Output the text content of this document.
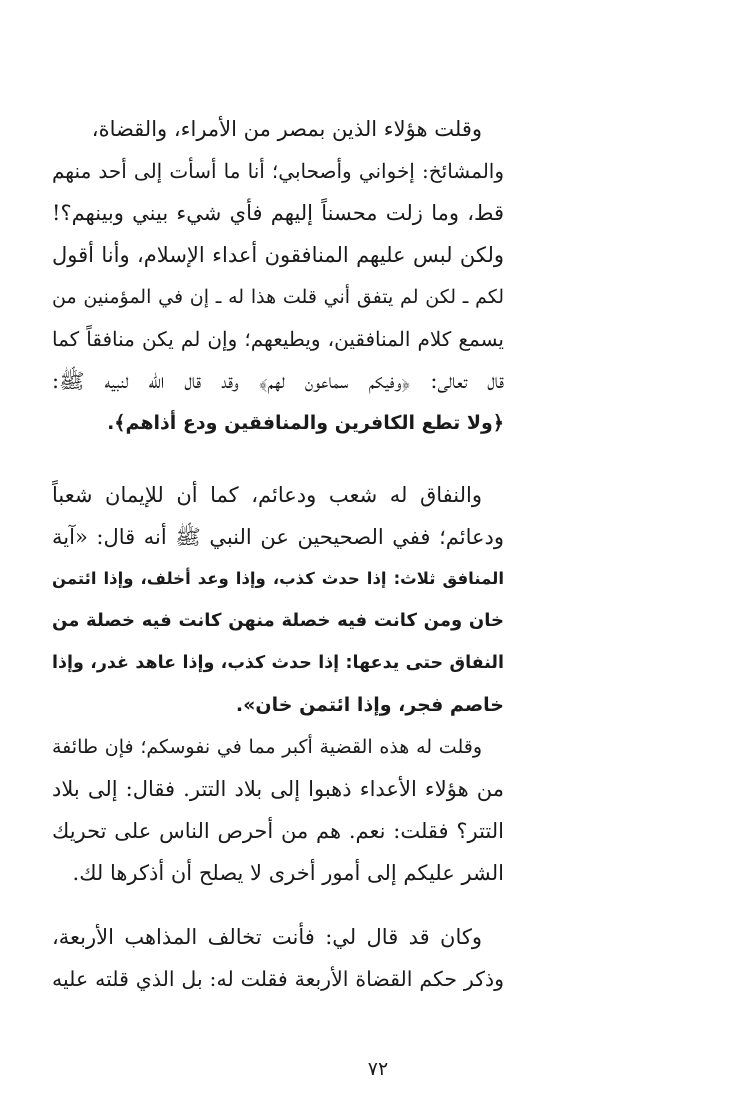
وقلت هؤلاء الذين بمصر من الأمراء، والقضاة،
والمشائخ: إخواني وأصحابي؛ أنا ما أسأت إلى أحد منهم
قط، وما زلت محسناً إليهم فأي شيء بيني وبينهم؟!
ولكن لبس عليهم المنافقون أعداء الإسلام، وأنا أقول
لكم ـ لكن لم يتفق أني قلت هذا له ـ إن في المؤمنين من
يسمع كلام المنافقين، ويطيعهم؛ وإن لم يكن منافقاً كما
قال تعالى: ﴿وفيكم سماعون لهم﴾ وقد قال الله لنبيه ﷺ:
﴿ولا تطع الكافرين والمنافقين ودع أذاهم﴾.
والنفاق له شعب ودعائم، كما أن للإيمان شعباً
ودعائم؛ ففي الصحيحين عن النبي ﷺ أنه قال: «آية
المنافق ثلاث: إذا حدث كذب، وإذا وعد أخلف، وإذا ائتمن
خان ومن كانت فيه خصلة منهن كانت فيه خصلة من
النفاق حتى يدعها: إذا حدث كذب، وإذا عاهد غدر، وإذا
خاصم فجر، وإذا ائتمن خان».
وقلت له هذه القضية أكبر مما في نفوسكم؛ فإن طائفة
من هؤلاء الأعداء ذهبوا إلى بلاد التتر. فقال: إلى بلاد
التتر؟ فقلت: نعم. هم من أحرص الناس على تحريك
الشر عليكم إلى أمور أخرى لا يصلح أن أذكرها لك.
وكان قد قال لي: فأنت تخالف المذاهب الأربعة،
وذكر حكم القضاة الأربعة فقلت له: بل الذي قلته عليه
٧٢
